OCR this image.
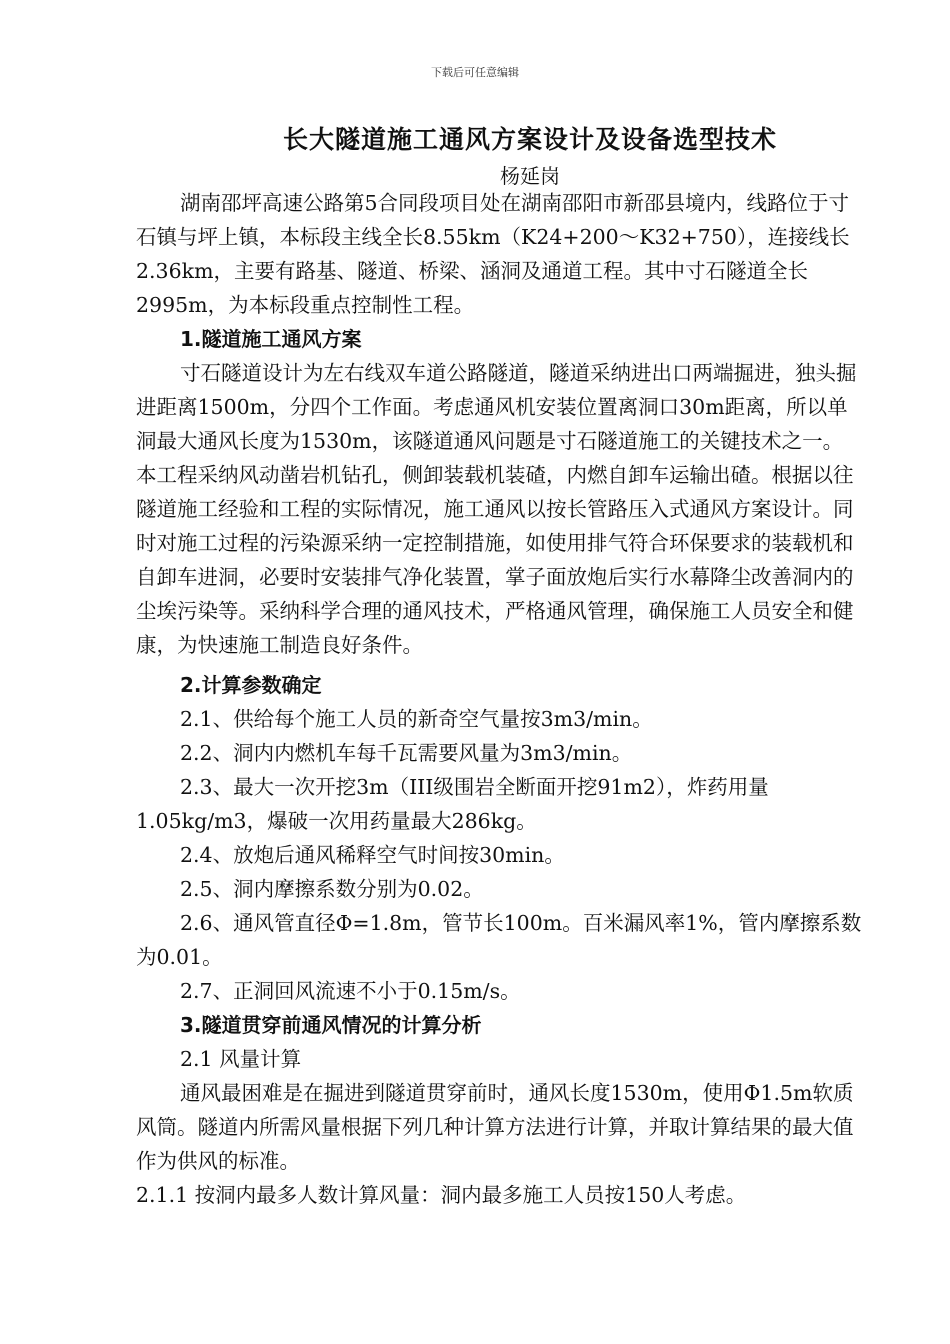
下载后可任意编辑
长大隧道施工通风方案设计及设备选型技术
杨延岗

湖南邵坪高速公路第5合同段项目处在湖南邵阳市新邵县境内，线路位于寸石镇与坪上镇，本标段主线全长8.55km（K24+200～K32+750），连接线长2.36km，主要有路基、隧道、桥梁、涵洞及通道工程。其中寸石隧道全长2995m，为本标段重点控制性工程。

1.隧道施工通风方案

寸石隧道设计为左右线双车道公路隧道，隧道采纳进出口两端掘进，独头掘进距离1500m，分四个工作面。考虑通风机安装位置离洞口30m距离，所以单洞最大通风长度为1530m，该隧道通风问题是寸石隧道施工的关键技术之一。本工程采纳风动凿岩机钻孔，侧卸装载机装碴，内燃自卸车运输出碴。根据以往隧道施工经验和工程的实际情况，施工通风以按长管路压入式通风方案设计。同时对施工过程的污染源采纳一定控制措施，如使用排气符合环保要求的装载机和自卸车进洞，必要时安装排气净化装置，掌子面放炮后实行水幕降尘改善洞内的尘埃污染等。采纳科学合理的通风技术，严格通风管理，确保施工人员安全和健康，为快速施工制造良好条件。

2.计算参数确定

2.1、供给每个施工人员的新奇空气量按3m3/min。

2.2、洞内内燃机车每千瓦需要风量为3m3/min。

2.3、最大一次开挖3m（III级围岩全断面开挖91m2），炸药用量1.05kg/m3，爆破一次用药量最大286kg。

2.4、放炮后通风稀释空气时间按30min。

2.5、洞内摩擦系数分别为0.02。

2.6、通风管直径Φ=1.8m，管节长100m。百米漏风率1%，管内摩擦系数为0.01。

2.7、正洞回风流速不小于0.15m/s。

3.隧道贯穿前通风情况的计算分析

2.1 风量计算

通风最困难是在掘进到隧道贯穿前时，通风长度1530m，使用Φ1.5m软质风筒。隧道内所需风量根据下列几种计算方法进行计算，并取计算结果的最大值作为供风的标准。

2.1.1 按洞内最多人数计算风量：洞内最多施工人员按150人考虑。
